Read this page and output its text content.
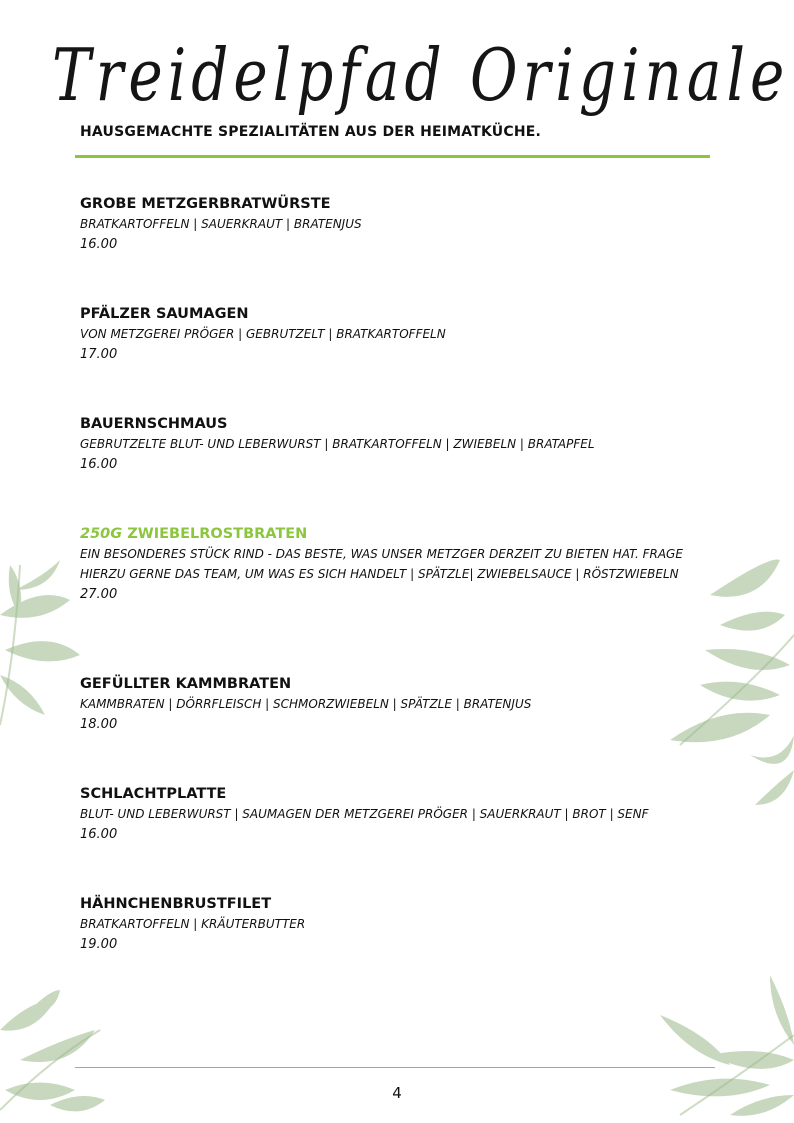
Treidelpfad Originale
HAUSGEMACHTE SPEZIALITÄTEN AUS DER HEIMATKÜCHE.
GROBE METZGERBRATWÜRSTE
BRATKARTOFFELN | SAUERKRAUT | BRATENJUS
16.00
PFÄLZER SAUMAGEN
VON METZGEREI PRÖGER | GEBRUTZELT | BRATKARTOFFELN
17.00
BAUERNSCHMAUS
GEBRUTZELTE BLUT- UND LEBERWURST | BRATKARTOFFELN | ZWIEBELN | BRATAPFEL
16.00
250G ZWIEBELROSTBRATEN
EIN BESONDERES STÜCK RIND - DAS BESTE, WAS UNSER METZGER DERZEIT ZU BIETEN HAT. FRAGE HIERZU GERNE DAS TEAM, UM WAS ES SICH HANDELT | SPÄTZLE| ZWIEBELSAUCE | RÖSTZWIEBELN
27.00
GEFÜLLTER KAMMBRATEN
KAMMBRATEN | DÖRRFLEISCH | SCHMORZWIEBELN | SPÄTZLE | BRATENJUS
18.00
SCHLACHTPLATTE
BLUT- UND LEBERWURST | SAUMAGEN DER METZGEREI PRÖGER | SAUERKRAUT | BROT | SENF
16.00
HÄHNCHENBRUSTFILET
BRATKARTOFFELN | KRÄUTERBUTTER
19.00
4
